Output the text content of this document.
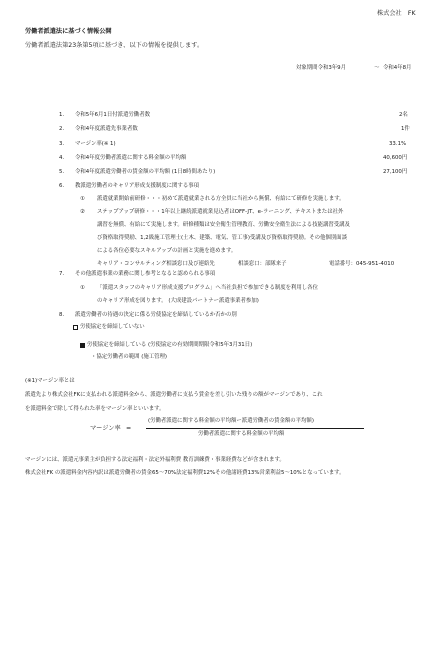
株式会社　FK
労働者派遣法に基づく情報公開
労働者派遣法第23条第5項に基づき、以下の情報を提供します。
対象期間令和3年9月	～ 令和4年8月
1. 令和5年6月1日付派遣労働者数	2名
2. 令和4年度派遣先事業者数	1件
3. マージン率(※ 1)	33.1%
4. 令和4年度労働者派遣に関する料金額の平均額	40,600円
5. 令和4年度派遣労働者の賃金額の平均額 (1日8時間あたり)	27,100円
6. 教派遣労働者のキャリア形成支援制度に関する事項
① 派遣就業開始前研修・・・初めて派遣就業される方全員に当社から無償、有給にて研修を実施します。
② ステップアップ研修・・・1年以上継続派遣就業見込者はOFF-JT、e-ラーニング、テキストまたは社外
講習を無償、有給にて実施します。研修種類は安全衛生管理教育、労働安全衛生法による技能講習受講及
び資格取得奨励、1,2級施工管理士(土木、建築、電気、管工事)受講及び資格取得奨励。その他個別面談
による各位必要なスキルアップの計画と実施を進めます。
キャリア・コンサルティング相談窓口及び連絡先	相談窓口：部隊来子	電話番号：045-951-4010
7. その他派遣事業の業務に関し参考となると認められる事項
① 「派遣スタッフのキャリア形成支援プログラム」へ当社負担で参加できる制度を利用し各位
のキャリア形成を図ります。 (大成建設パートナー派遣事業者参加)
8. 派遣労働者の待遇の決定に係る労使協定を締結しているか否かの別
労使協定を締結していない
労使協定を締結している (労使協定の有効期間期限令和5年3月31日)
・協定労働者の範囲 (施工管理)
(※1)マージン率とは
派遣先より株式会社FKに支払われる派遣料金から、派遣労働者に支払う賃金を差し引いた残りの額がマージンであり、これ
を派遣料金で除して得られた率をマージン率といいます。
マージン率 =
(労働者派遣に関する料金額の平均額ー派遣労働者の賃金額の平均額)
労働者派遣に関する料金額の平均額
マージンには、派遣元事業主が負担する法定福利・法定外福利費 教育訓練費・事業経費などが含まれます。
株式会社FK の派遣料金内容内訳は派遣労働者の賃金65～70%法定福利費12%その他諸経費13%営業利益5～10%となっています。
